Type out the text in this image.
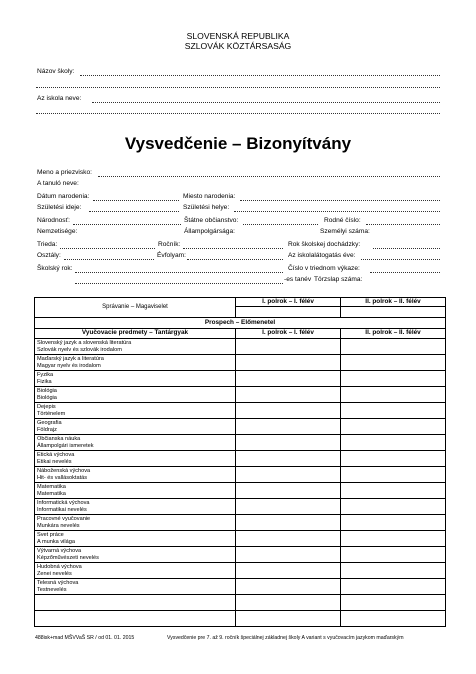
SLOVENSKÁ REPUBLIKA
SZLOVÁK KÖZTÁRSASÁG
Názov školy:
Az iskola neve:
Vysvedčenie – Bizonyítvány
Meno a priezvisko:
A tanuló neve:
Dátum narodenia:	Miesto narodenia:
Születési ideje:	Születési helye:
Národnosť:	Štátne občianstvo:	Rodné číslo:
Nemzetisége:	Állampolgársága:	Személyi száma:
Trieda:	Ročník:	Rok školskej dochádzky:
Osztály:	Évfolyam:	Az iskolalátogatás éve:
Školský rok:	Číslo v triednom výkaze:
-es tanév Törzslap száma:
Správanie – Magaviselet	I. polrok – I. félév	II. polrok – II. félév

Prospech – Előmenetel		
Vyučovacie predmety – Tantárgyak	I. polrok – I. félév	II. polrok – II. félév

Slovenský jazyk a slovenská literatúra
Szlovák nyelv és szlovák irodalom		

Maďarský jazyk a literatúra
Magyar nyelv és irodalom		

Fyzika
Fizika		

Biológia
Biológia		

Dejepis
Történelem		

Geografia
Földrajz		

Občianska náuka
Állampolgári ismeretek		

Etická výchova
Etikai nevelés		

Náboženská výchova
Hit- és vallásoktatás		

Matematika
Matematika		

Informatická výchova
Informatikai nevelés		

Pracovné vyučovanie
Munkára nevelés		

Svet práce
A munka világa		

Výtvarná výchova
Képzőművészeti nevelés		

Hudobná výchova
Zenei nevelés		

Telesná výchova
Testnevelés		

488isk+mad MŠVVaŠ SR / od 01. 01. 2015	Vysvedčenie pre 7. až 9. ročník špeciálnej základnej školy A variant s vyučovacím jazykom maďarským
